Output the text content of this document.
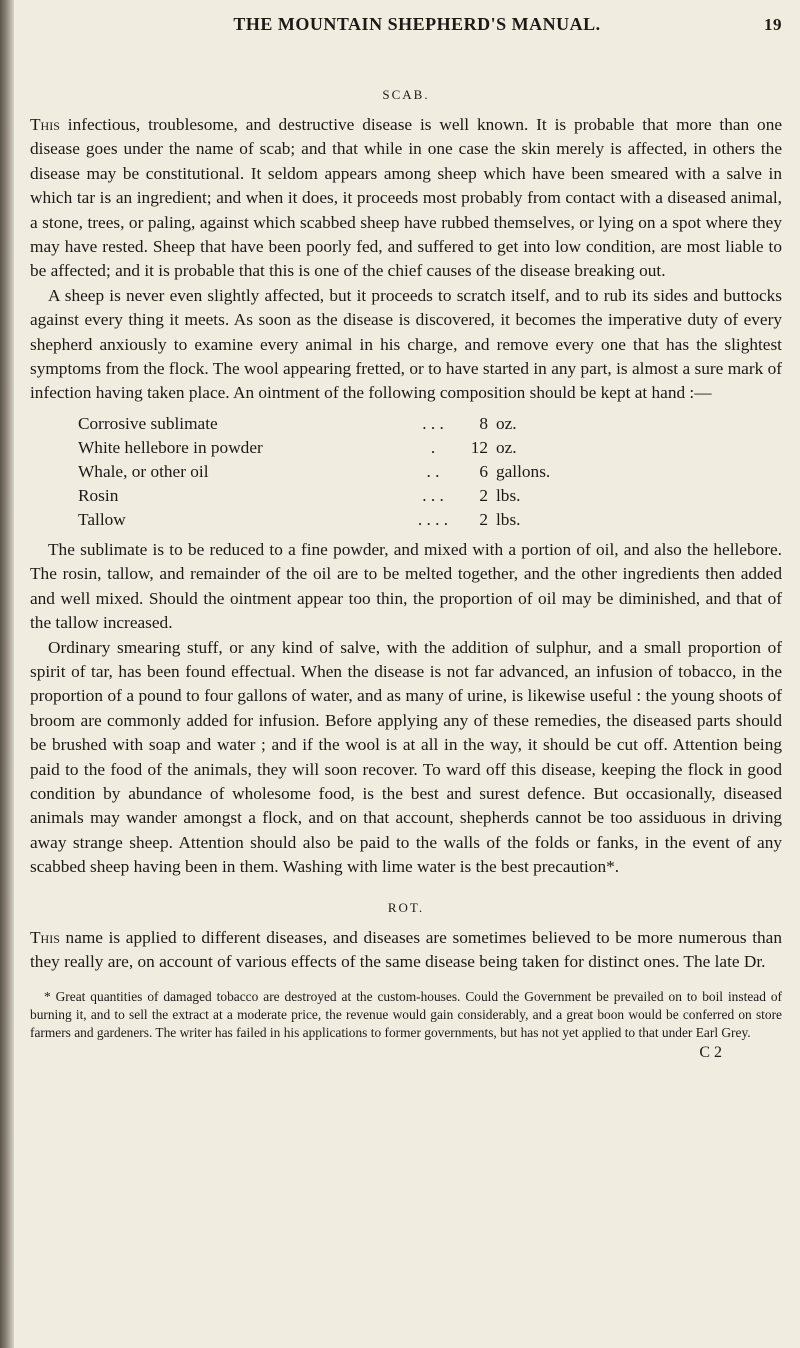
THE MOUNTAIN SHEPHERD'S MANUAL.	19
SCAB.

This infectious, troublesome, and destructive disease is well known. It is probable that more than one disease goes under the name of scab; and that while in one case the skin merely is affected, in others the disease may be constitutional. It seldom appears among sheep which have been smeared with a salve in which tar is an ingredient; and when it does, it proceeds most probably from contact with a diseased animal, a stone, trees, or paling, against which scabbed sheep have rubbed themselves, or lying on a spot where they may have rested. Sheep that have been poorly fed, and suffered to get into low condition, are most liable to be affected; and it is probable that this is one of the chief causes of the disease breaking out.

A sheep is never even slightly affected, but it proceeds to scratch itself, and to rub its sides and buttocks against every thing it meets. As soon as the disease is discovered, it becomes the imperative duty of every shepherd anxiously to examine every animal in his charge, and remove every one that has the slightest symptoms from the flock. The wool appearing fretted, or to have started in any part, is almost a sure mark of infection having taken place. An ointment of the following composition should be kept at hand :—

Corrosive sublimate	. . .	8	oz.
White hellebore in powder	.	12	oz.
Whale, or other oil	. .	6	gallons.
Rosin	. . .	2	lbs.
Tallow	. . . .	2	lbs.

The sublimate is to be reduced to a fine powder, and mixed with a portion of oil, and also the hellebore. The rosin, tallow, and remainder of the oil are to be melted together, and the other ingredients then added and well mixed. Should the ointment appear too thin, the proportion of oil may be diminished, and that of the tallow increased.

Ordinary smearing stuff, or any kind of salve, with the addition of sulphur, and a small proportion of spirit of tar, has been found effectual. When the disease is not far advanced, an infusion of tobacco, in the proportion of a pound to four gallons of water, and as many of urine, is likewise useful : the young shoots of broom are commonly added for infusion. Before applying any of these remedies, the diseased parts should be brushed with soap and water ; and if the wool is at all in the way, it should be cut off. Attention being paid to the food of the animals, they will soon recover. To ward off this disease, keeping the flock in good condition by abundance of wholesome food, is the best and surest defence. But occasionally, diseased animals may wander amongst a flock, and on that account, shepherds cannot be too assiduous in driving away strange sheep. Attention should also be paid to the walls of the folds or fanks, in the event of any scabbed sheep having been in them. Washing with lime water is the best precaution*.

ROT.

This name is applied to different diseases, and diseases are sometimes believed to be more numerous than they really are, on account of various effects of the same disease being taken for distinct ones. The late Dr.

* Great quantities of damaged tobacco are destroyed at the custom-houses. Could the Government be prevailed on to boil instead of burning it, and to sell the extract at a moderate price, the revenue would gain considerably, and a great boon would be conferred on store farmers and gardeners. The writer has failed in his applications to former governments, but has not yet applied to that under Earl Grey.
C 2
